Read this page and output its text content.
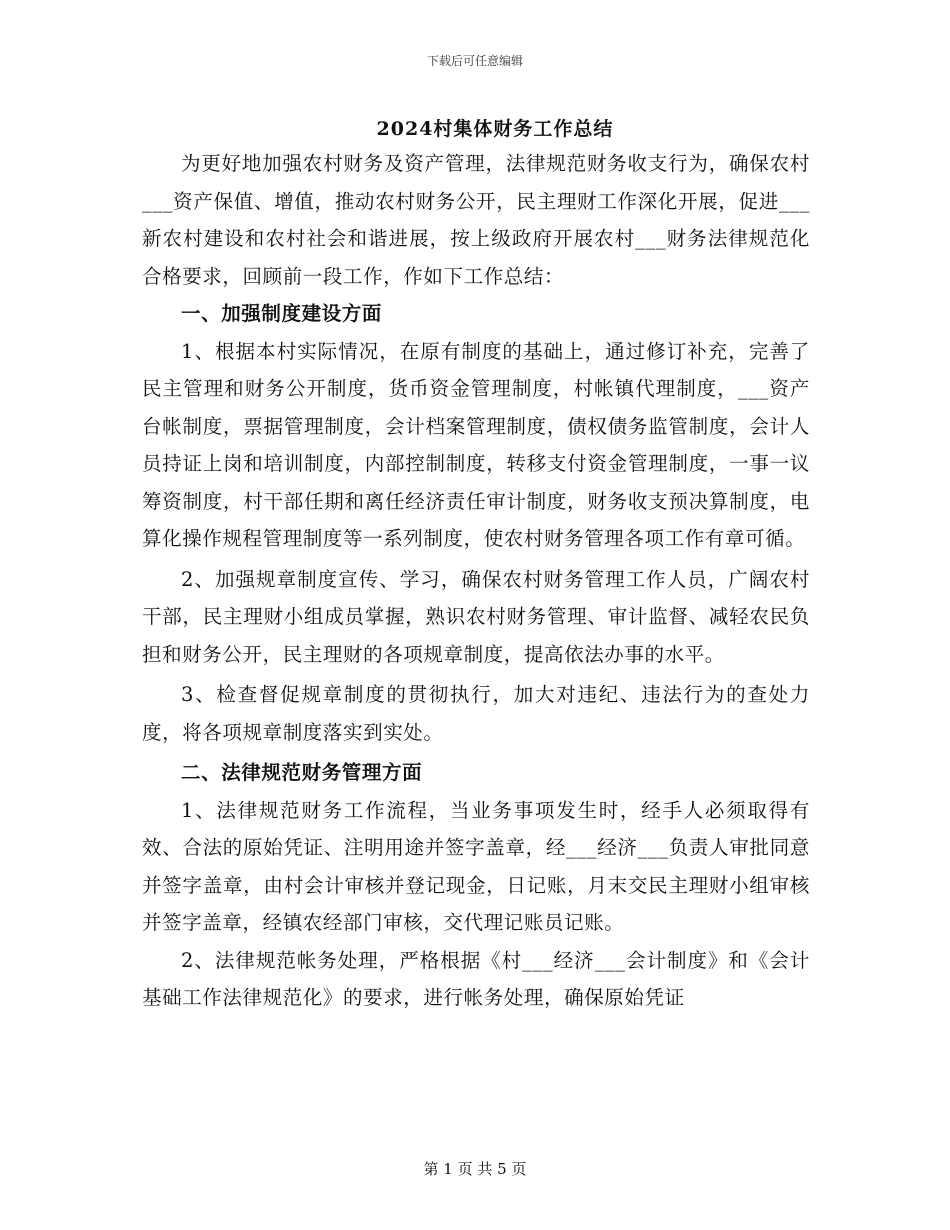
下载后可任意编辑
2024村集体财务工作总结

为更好地加强农村财务及资产管理，法律规范财务收支行为，确保农村___资产保值、增值，推动农村财务公开，民主理财工作深化开展，促进___新农村建设和农村社会和谐进展，按上级政府开展农村___财务法律规范化合格要求，回顾前一段工作，作如下工作总结：

一、加强制度建设方面

1、根据本村实际情况，在原有制度的基础上，通过修订补充，完善了民主管理和财务公开制度，货币资金管理制度，村帐镇代理制度，___资产台帐制度，票据管理制度，会计档案管理制度，债权债务监管制度，会计人员持证上岗和培训制度，内部控制制度，转移支付资金管理制度，一事一议筹资制度，村干部任期和离任经济责任审计制度，财务收支预决算制度，电算化操作规程管理制度等一系列制度，使农村财务管理各项工作有章可循。

2、加强规章制度宣传、学习，确保农村财务管理工作人员，广阔农村干部，民主理财小组成员掌握，熟识农村财务管理、审计监督、减轻农民负担和财务公开，民主理财的各项规章制度，提高依法办事的水平。

3、检查督促规章制度的贯彻执行，加大对违纪、违法行为的查处力度，将各项规章制度落实到实处。

二、法律规范财务管理方面

1、法律规范财务工作流程，当业务事项发生时，经手人必须取得有效、合法的原始凭证、注明用途并签字盖章，经___经济___负责人审批同意并签字盖章，由村会计审核并登记现金，日记账，月末交民主理财小组审核并签字盖章，经镇农经部门审核，交代理记账员记账。

2、法律规范帐务处理，严格根据《村___经济___会计制度》和《会计基础工作法律规范化》的要求，进行帐务处理，确保原始凭证

第 1 页 共 5 页
